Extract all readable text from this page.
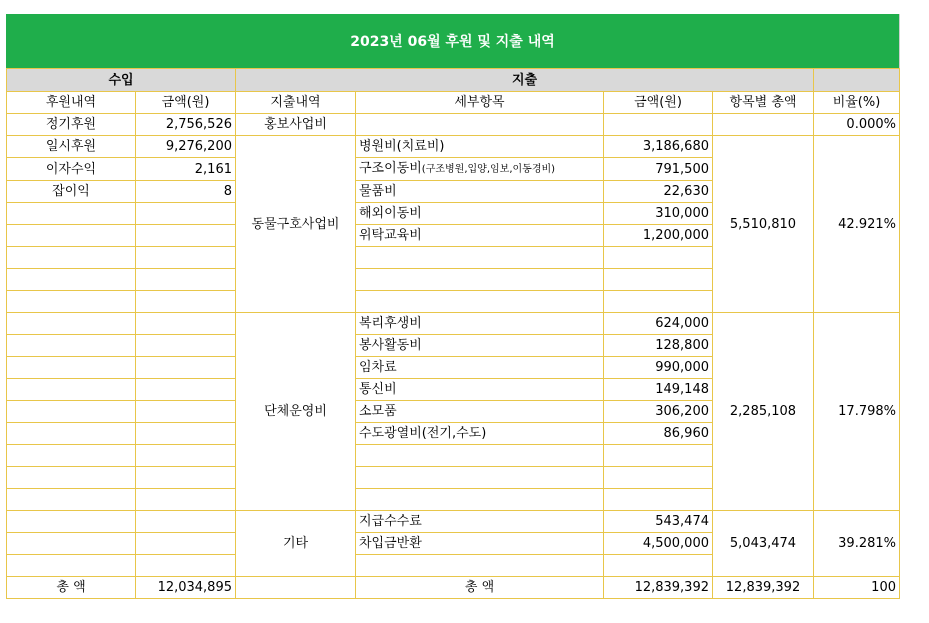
2023년 06월 후원 및 지출 내역
수입		지출				
후원내역	금액(원)	지출내역	세부항목	금액(원)	항목별 총액	비율(%)
정기후원	2,756,526	홍보사업비				0.000%
일시후원	9,276,200	동물구호사업비	병원비(치료비)	3,186,680	5,510,810	42.921%
이자수익	2,161		구조이동비(구조병원,입양,임보,이동경비)	791,500		
잡이익	8		물품비	22,630		
			해외이동비	310,000		
			위탁교육비	1,200,000		

		단체운영비	복리후생비	624,000	2,285,108	17.798%
			봉사활동비	128,800		
			임차료	990,000		
			통신비	149,148		
			소모품	306,200		
			수도광열비(전기,수도)	86,960		

		기타	지급수수료	543,474	5,043,474	39.281%
			차입금반환	4,500,000		

총 액	12,034,895		총 액	12,839,392	12,839,392	100
